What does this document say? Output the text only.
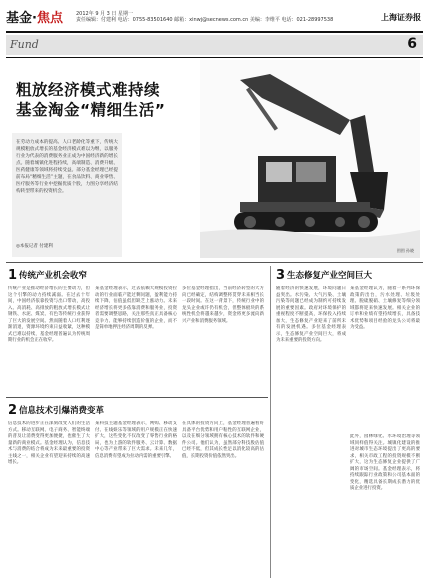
基金·焦点	2012年 9 月 3 日 星期一
责任编辑：付建利 电话：0755-83501640 邮箱：xinwj@secnews.com.cn 美编：李维平 电话：021-28997538	上海证券报
Fund	6
粗放经济模式难持续
基金淘金“精细生活”
在劳动力成本的提高、人口老龄化等重下，传统大规模粗放式增长的基金经济模式难以为继，以服务行业为代表的消费服务业正成为中国经济新的增长点。随着城镇化进程持续，高端制造、消费升级、医药健康等领域将持续受益。部分基金经理已经提前布局“精细生活”主题，在食品饮料、商业零售、医疗服务等行业中挖掘优质个股，力图分享经济结构转型带来的投资机会。
◎本报记者 付建利
图图 孙晓
1 传统产业机会收窄
传统产业是推动经济增长的主要动力，但这个引擎的动力持续减弱。在过去十年间，中国经济依靠投资与出口带动，高投入、高消耗、高排放的粗放式增长模式让钢铁、水泥、煤炭、有色等传统行业获得了巨大的发展空间。然而随着人口红利逐渐消退，资源环境约束日益收紧，这种模式已难以持续，基金经理普遍认为传统周期行业的机会正在收窄。
某基金经理表示，过去依赖大规模投资拉动的行业面临产能过剩问题，盈利能力持续下降，估值虽低但缺乏上涨动力。未来经济增长将更多依靠消费和服务业，投资者需要调整思路，关注那些真正具备核心竞争力、能够持续创造价值的企业，而不是简单地押注经济周期的反弹。
多位基金经理指出，当前经济转型的大方向已经确定，结构调整将贯穿未来相当长一段时间。在这一背景下，传统行业中的龙头企业或许仍有机会，但整体板块的系统性机会将越来越少，资金将更多流向新兴产业和消费服务领域。
2 信息技术引爆消费变革
信息技术的进步正在深刻改变人们的生活方式。移动互联网、电子商务、智能终端的普及让消费变得更加便捷，也催生了大量新的商业模式。基金经理认为，信息技术与消费的结合将成为未来最重要的投资主线之一，相关企业有望迎来持续的高速增长。
某科技主题基金经理表示，网购、移动支付、在线娱乐等领域的用户规模正在快速扩大，这些变化不仅改变了零售行业的格局，也为上游的软件服务、云计算、数据中心等产业带来了巨大需求。未来几年，信息消费有望成为拉动内需的重要引擎。
在具体的投资方向上，基金经理普遍看好具备平台优势和用户粘性的互联网企业，以及在细分领域拥有核心技术的软件和硬件公司。他们认为，虽然部分科技股估值已经不低，但其成长性足以消化较高的估值，长期投资价值依然突出。
3 生态修复产业空间巨大
随着经济的快速发展，环境问题日益突出。水污染、大气污染、土壤污染等问题已经成为制约可持续发展的重要因素。政府对环境保护的重视程度不断提高，环保投入持续加大，生态修复产业迎来了前所未有的发展机遇。多位基金经理表示，生态修复产业空间巨大，将成为未来重要的投资方向。
某基金经理认为，随着一系列环保政策的出台，污水处理、垃圾处理、脱硫脱硝、土壤修复等细分领域都将迎来快速发展。相关企业的订单和业绩有望持续增长，具备技术优势和项目经验的龙头公司将最为受益。
此外，园林绿化、水环境治理等领域同样值得关注。城镇化建设的推进对城市生态环境提出了更高的要求，相关市政工程的投资规模不断扩大，这为生态修复企业提供了广阔的市场空间。基金经理表示，将持续跟踪行业政策和公司基本面的变化，精选具备长期成长潜力的优质企业进行投资。
